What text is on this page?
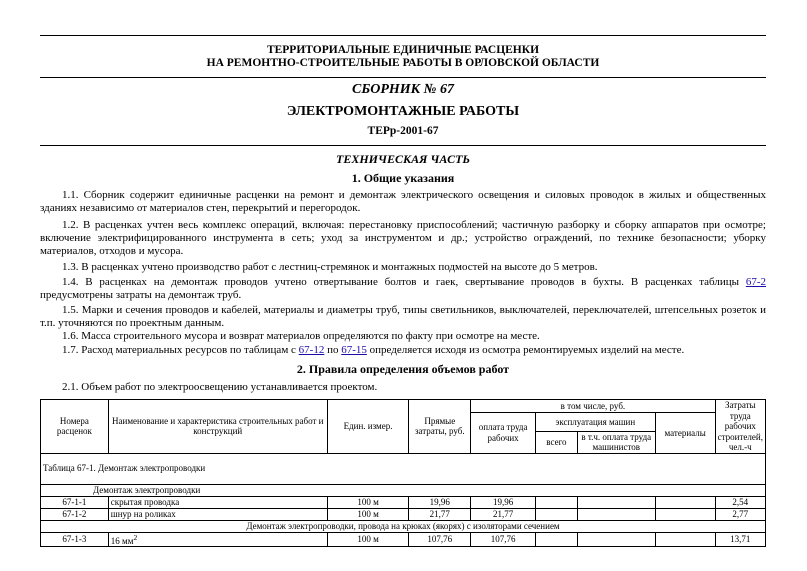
ТЕРРИТОРИАЛЬНЫЕ ЕДИНИЧНЫЕ РАСЦЕНКИ
НА РЕМОНТНО-СТРОИТЕЛЬНЫЕ РАБОТЫ В ОРЛОВСКОЙ ОБЛАСТИ
СБОРНИК № 67
ЭЛЕКТРОМОНТАЖНЫЕ РАБОТЫ
ТЕРр-2001-67
ТЕХНИЧЕСКАЯ ЧАСТЬ
1. Общие указания

1.1. Сборник содержит единичные расценки на ремонт и демонтаж электрического освещения и силовых проводок в жилых и общественных зданиях независимо от материалов стен, перекрытий и перегородок.

1.2. В расценках учтен весь комплекс операций, включая: перестановку приспособлений; частичную разборку и сборку аппаратов при осмотре; включение электрифицированного инструмента в сеть; уход за инструментом и др.; устройство ограждений, по технике безопасности; уборку материалов, отходов и мусора.

1.3. В расценках учтено производство работ с лестниц-стремянок и монтажных подмостей на высоте до 5 метров.

1.4. В расценках на демонтаж проводов учтено отвертывание болтов и гаек, свертывание проводов в бухты. В расценках таблицы 67-2 предусмотрены затраты на демонтаж труб.

1.5. Марки и сечения проводов и кабелей, материалы и диаметры труб, типы светильников, выключателей, переключателей, штепсельных розеток и т.п. уточняются по проектным данным.

1.6. Масса строительного мусора и возврат материалов определяются по факту при осмотре на месте.

1.7. Расход материальных ресурсов по таблицам с 67-12 по 67-15 определяется исходя из осмотра ремонтируемых изделий на месте.

2. Правила определения объемов работ

2.1. Объем работ по электроосвещению устанавливается проектом.

Номера расценок	Наименование и характеристика строительных работ и конструкций	Един. измер.	Прямые затраты, руб.	в том числе, руб.				Затраты труда рабочих строителей, чел.-ч
				оплата труда рабочих	эксплуатация машин		материалы	
					всего	в т.ч. оплата труда машинистов		
Таблица 67-1. Демонтаж электропроводки								
Демонтаж электропроводки								
67-1-1	скрытая проводка	100 м	19,96	19,96				2,54
67-1-2	шнур на роликах	100 м	21,77	21,77				2,77
Демонтаж электропроводки, провода на крюках (якорях) с изоляторами сечением								
67-1-3	16 $мм^2$	100 м	107,76	107,76				13,71
